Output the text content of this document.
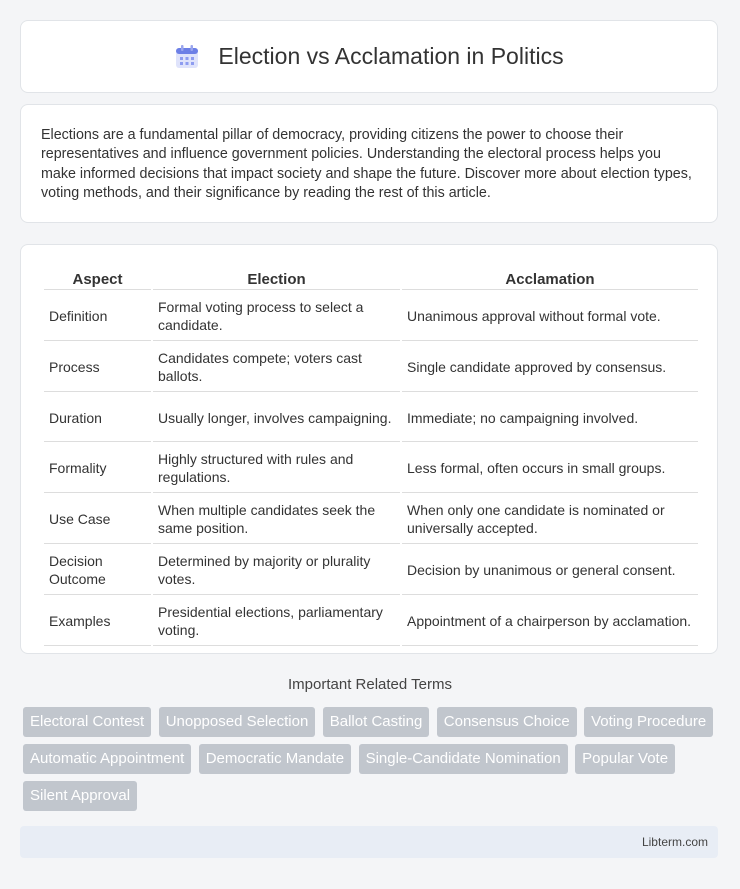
Election vs Acclamation in Politics

Elections are a fundamental pillar of democracy, providing citizens the power to choose their representatives and influence government policies. Understanding the electoral process helps you make informed decisions that impact society and shape the future. Discover more about election types, voting methods, and their significance by reading the rest of this article.

Aspect	Election	Acclamation
Definition	Formal voting process to select a candidate.	Unanimous approval without formal vote.
Process	Candidates compete; voters cast ballots.	Single candidate approved by consensus.
Duration	Usually longer, involves campaigning.	Immediate; no campaigning involved.
Formality	Highly structured with rules and regulations.	Less formal, often occurs in small groups.
Use Case	When multiple candidates seek the same position.	When only one candidate is nominated or universally accepted.
Decision Outcome	Determined by majority or plurality votes.	Decision by unanimous or general consent.
Examples	Presidential elections, parliamentary voting.	Appointment of a chairperson by acclamation.
Important Related Terms
Electoral Contest Unopposed Selection Ballot Casting Consensus Choice Voting Procedure Automatic Appointment Democratic Mandate Single-Candidate Nomination Popular Vote Silent Approval
Libterm.com
